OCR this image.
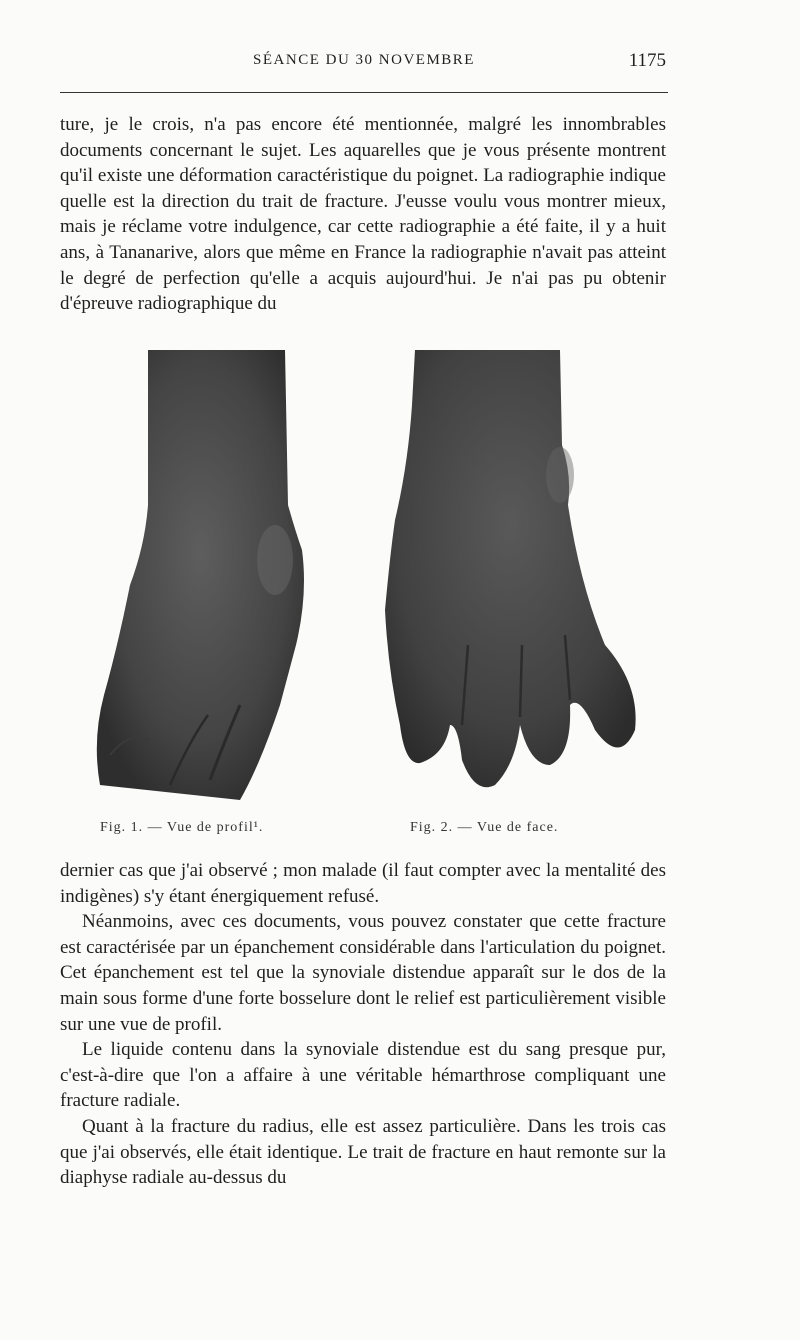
SÉANCE DU 30 NOVEMBRE	1175

ture, je le crois, n'a pas encore été mentionnée, malgré les innombrables documents concernant le sujet. Les aquarelles que je vous présente montrent qu'il existe une déformation caractéristique du poignet. La radiographie indique quelle est la direction du trait de fracture. J'eusse voulu vous montrer mieux, mais je réclame votre indulgence, car cette radiographie a été faite, il y a huit ans, à Tananarive, alors que même en France la radiographie n'avait pas atteint le degré de perfection qu'elle a acquis aujourd'hui. Je n'ai pas pu obtenir d'épreuve radiographique du

Fig. 1. — Vue de profil¹.	Fig. 2. — Vue de face.

dernier cas que j'ai observé ; mon malade (il faut compter avec la mentalité des indigènes) s'y étant énergiquement refusé.

Néanmoins, avec ces documents, vous pouvez constater que cette fracture est caractérisée par un épanchement considérable dans l'articulation du poignet. Cet épanchement est tel que la synoviale distendue apparaît sur le dos de la main sous forme d'une forte bosselure dont le relief est particulièrement visible sur une vue de profil.

Le liquide contenu dans la synoviale distendue est du sang presque pur, c'est-à-dire que l'on a affaire à une véritable hémarthrose compliquant une fracture radiale.

Quant à la fracture du radius, elle est assez particulière. Dans les trois cas que j'ai observés, elle était identique. Le trait de fracture en haut remonte sur la diaphyse radiale au-dessus du
